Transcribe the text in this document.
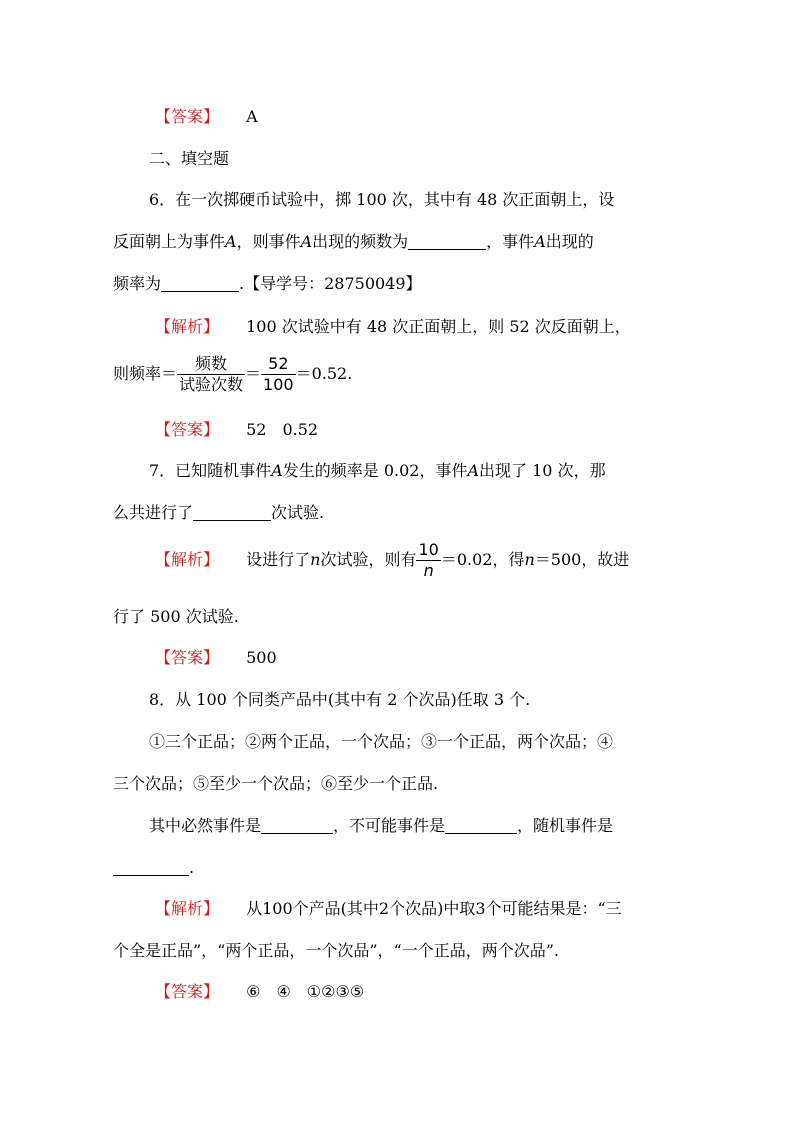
【答案】 A
二、填空题
6．在一次掷硬币试验中，掷 100 次，其中有 48 次正面朝上，设
反面朝上为事件A，则事件A出现的频数为	，事件A出现的
频率为	.【导学号：28750049】
【解析】 100 次试验中有 48 次正面朝上，则 52 次反面朝上，
则频率＝ $\frac{\text{频数}}{\text{试验次数}} = \frac{52}{100} =0.52$.
【答案】 52　0.52
7．已知随机事件A发生的频率是 0.02，事件A出现了 10 次，那
么共进行了	次试验.
【解析】 设进行了n次试验，则有 $\frac{10}{n} =0.02$，得n＝500，故进
行了 500 次试验.
【答案】 500
8．从 100 个同类产品中(其中有 2 个次品)任取 3 个.
①三个正品；②两个正品，一个次品；③一个正品，两个次品；④
三个次品；⑤至少一个次品；⑥至少一个正品.
其中必然事件是	，不可能事件是	，随机事件是
.
【解析】 从100个产品(其中2个次品)中取3个可能结果是：“三
个全是正品”，“两个正品，一个次品”，“一个正品，两个次品”.
【答案】 ⑥　④　①②③⑤
